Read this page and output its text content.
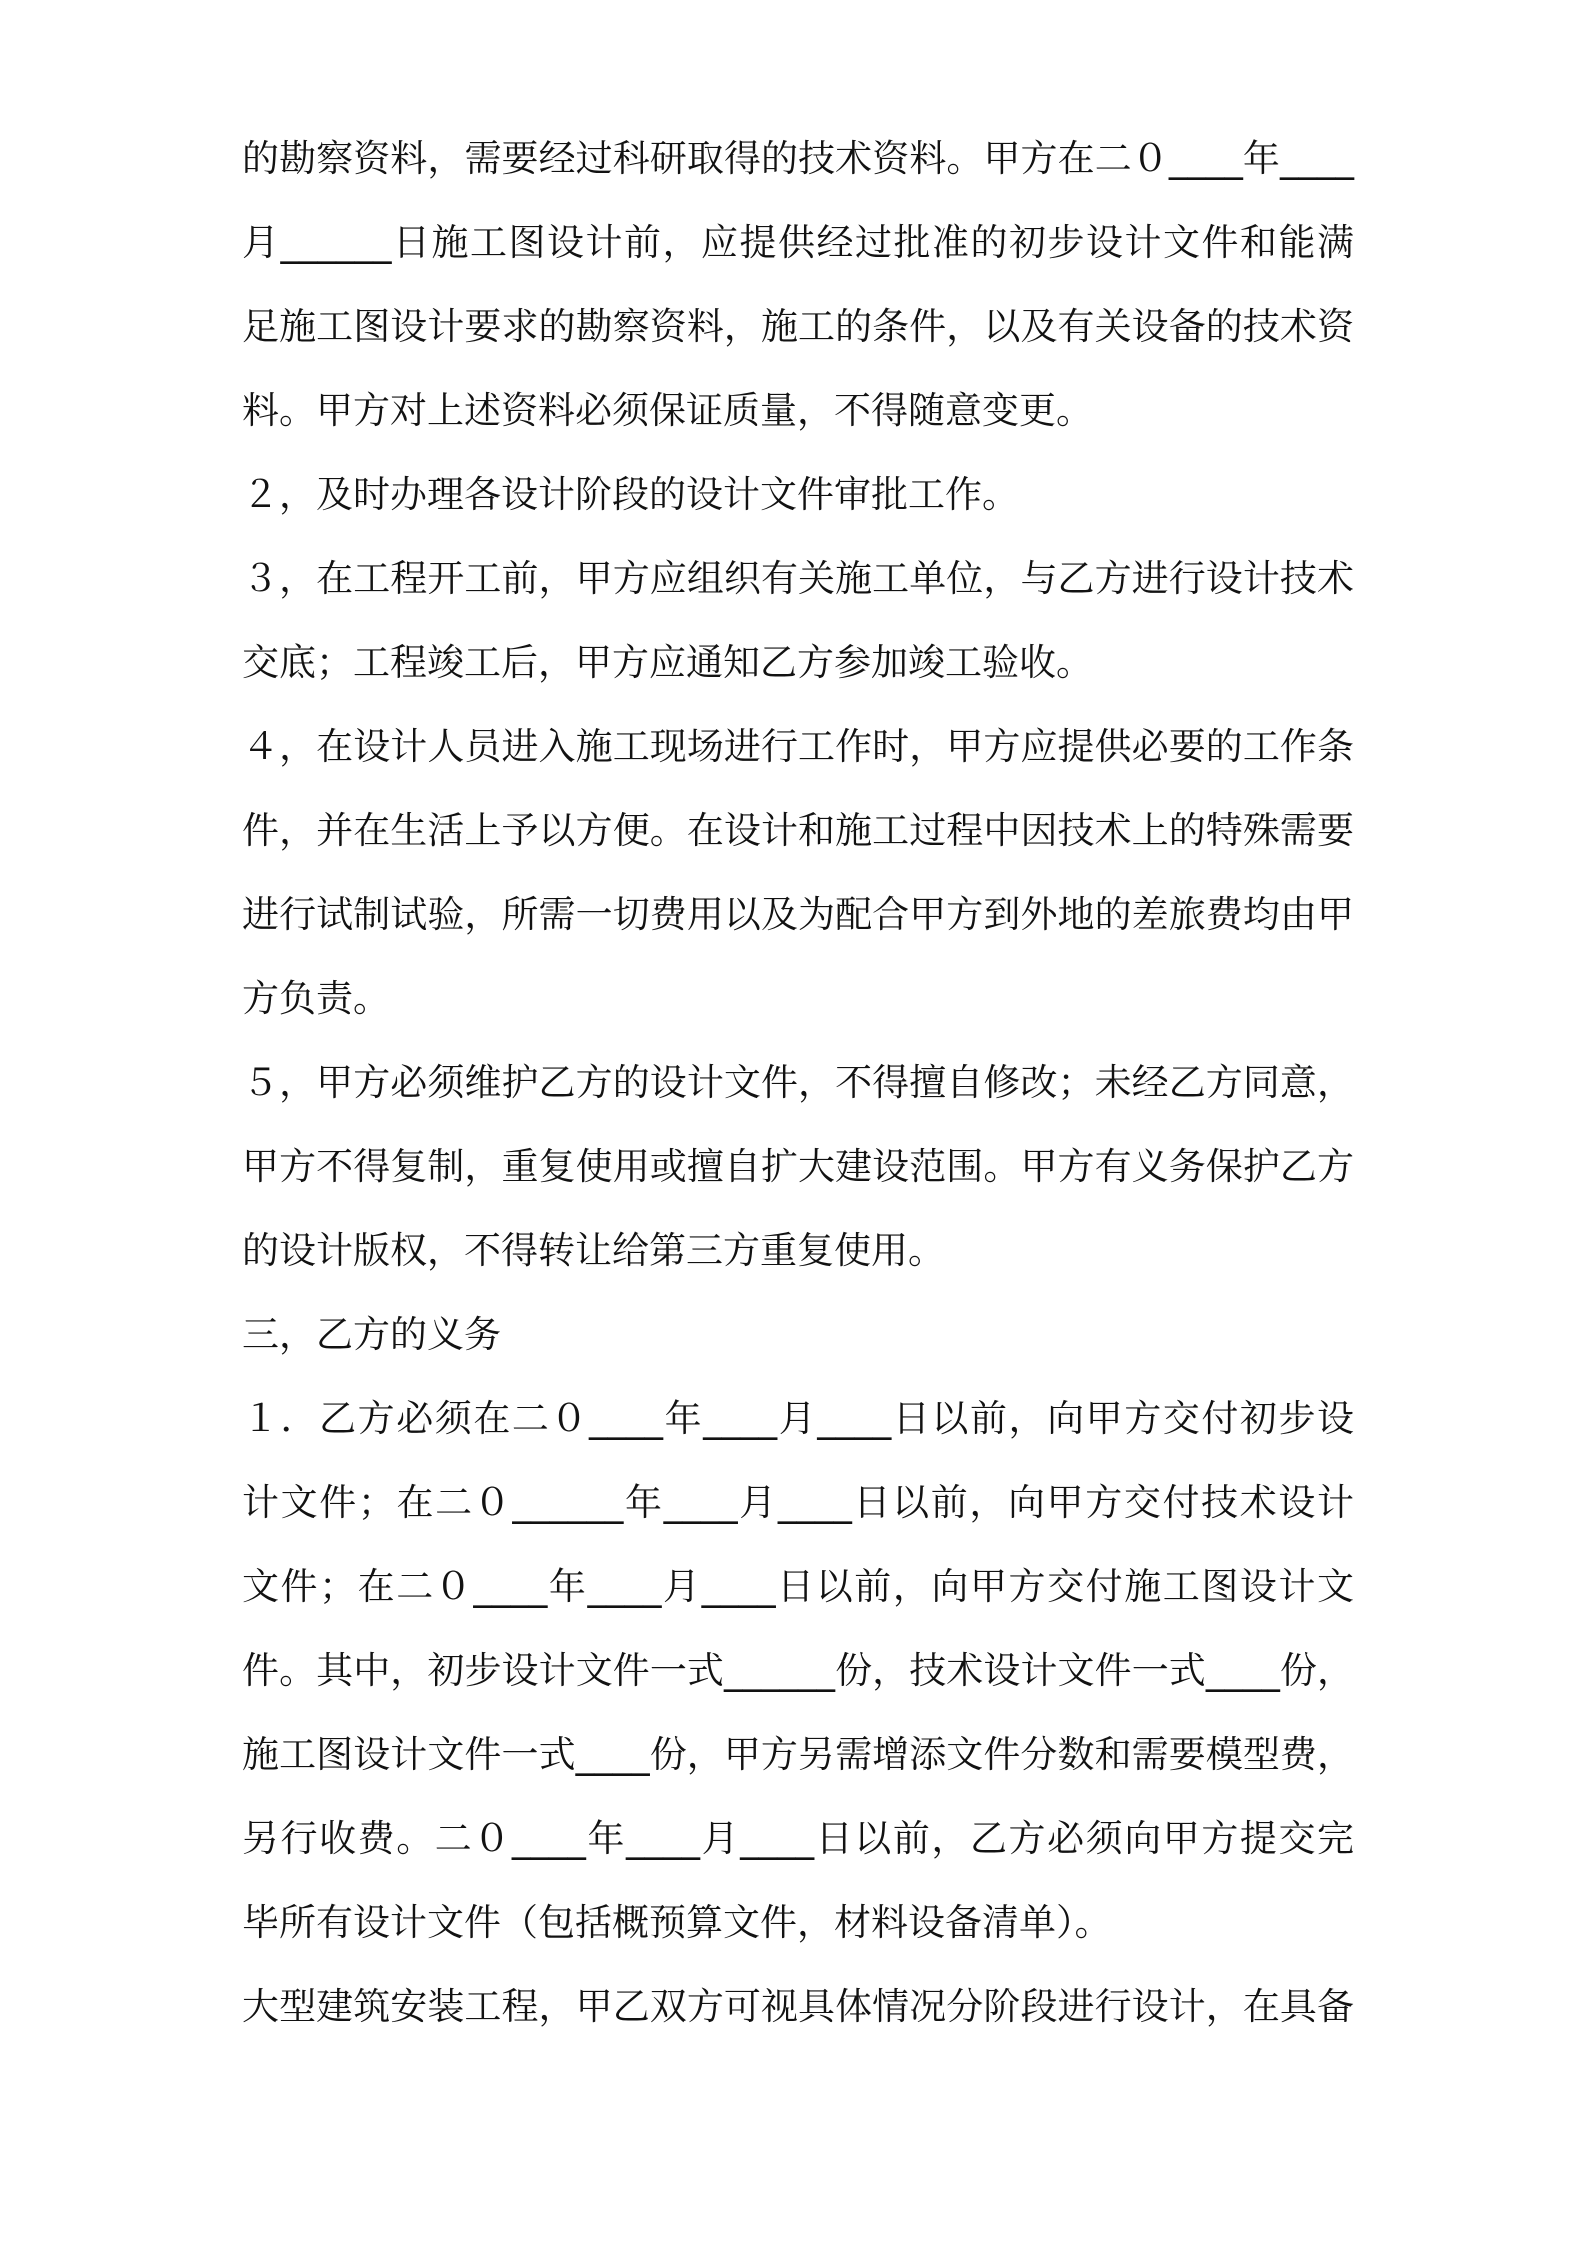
的勘察资料，需要经过科研取得的技术资料。甲方在二０____年____
月______日施工图设计前，应提供经过批准的初步设计文件和能满
足施工图设计要求的勘察资料，施工的条件，以及有关设备的技术资
料。甲方对上述资料必须保证质量，不得随意变更。
２，及时办理各设计阶段的设计文件审批工作。
３，在工程开工前，甲方应组织有关施工单位，与乙方进行设计技术
交底；工程竣工后，甲方应通知乙方参加竣工验收。
４，在设计人员进入施工现场进行工作时，甲方应提供必要的工作条
件，并在生活上予以方便。在设计和施工过程中因技术上的特殊需要
进行试制试验，所需一切费用以及为配合甲方到外地的差旅费均由甲
方负责。
５，甲方必须维护乙方的设计文件，不得擅自修改；未经乙方同意，
甲方不得复制，重复使用或擅自扩大建设范围。甲方有义务保护乙方
的设计版权，不得转让给第三方重复使用。
三，乙方的义务
１．乙方必须在二０____年____月____日以前，向甲方交付初步设
计文件；在二０______年____月____日以前，向甲方交付技术设计
文件；在二０____年____月____日以前，向甲方交付施工图设计文
件。其中，初步设计文件一式______份，技术设计文件一式____份，
施工图设计文件一式____份，甲方另需增添文件分数和需要模型费，
另行收费。二０____年____月____日以前，乙方必须向甲方提交完
毕所有设计文件（包括概预算文件，材料设备清单）。
大型建筑安装工程，甲乙双方可视具体情况分阶段进行设计，在具备
